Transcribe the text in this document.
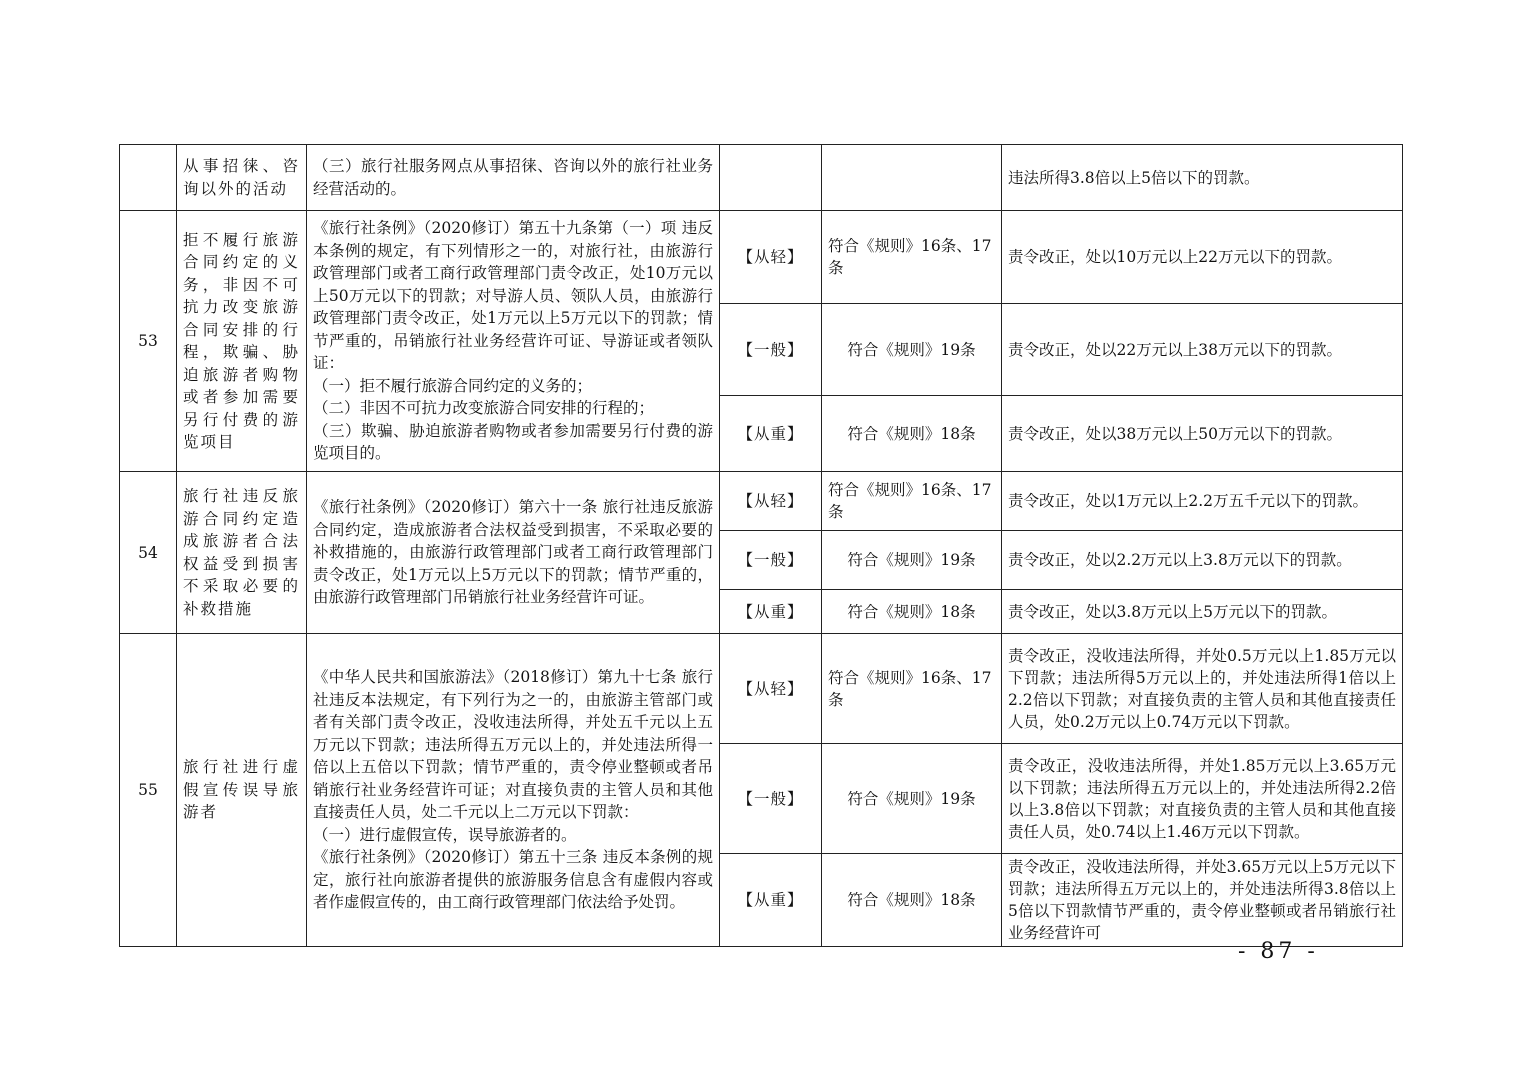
	从事招徕、咨询以外的活动	（三）旅行社服务网点从事招徕、咨询以外的旅行社业务经营活动的。			违法所得3.8倍以上5倍以下的罚款。
53	拒不履行旅游合同约定的义务，非因不可抗力改变旅游合同安排的行程，欺骗、胁迫旅游者购物或者参加需要另行付费的游览项目	《旅行社条例》（2020修订）第五十九条第（一）项 违反本条例的规定，有下列情形之一的，对旅行社，由旅游行政管理部门或者工商行政管理部门责令改正，处10万元以上50万元以下的罚款；对导游人员、领队人员，由旅游行政管理部门责令改正，处1万元以上5万元以下的罚款；情节严重的，吊销旅行社业务经营许可证、导游证或者领队证：
（一）拒不履行旅游合同约定的义务的；
（二）非因不可抗力改变旅游合同安排的行程的；
（三）欺骗、胁迫旅游者购物或者参加需要另行付费的游览项目的。	【从轻】	符合《规则》16条、17条	责令改正，处以10万元以上22万元以下的罚款。
			【一般】	符合《规则》19条	责令改正，处以22万元以上38万元以下的罚款。
			【从重】	符合《规则》18条	责令改正，处以38万元以上50万元以下的罚款。
54	旅行社违反旅游合同约定造成旅游者合法权益受到损害不采取必要的补救措施	《旅行社条例》（2020修订）第六十一条 旅行社违反旅游合同约定，造成旅游者合法权益受到损害，不采取必要的补救措施的，由旅游行政管理部门或者工商行政管理部门责令改正，处1万元以上5万元以下的罚款；情节严重的，由旅游行政管理部门吊销旅行社业务经营许可证。	【从轻】	符合《规则》16条、17条	责令改正，处以1万元以上2.2万五千元以下的罚款。
			【一般】	符合《规则》19条	责令改正，处以2.2万元以上3.8万元以下的罚款。
			【从重】	符合《规则》18条	责令改正，处以3.8万元以上5万元以下的罚款。
55	旅行社进行虚假宣传误导旅游者	《中华人民共和国旅游法》（2018修订）第九十七条 旅行社违反本法规定，有下列行为之一的，由旅游主管部门或者有关部门责令改正，没收违法所得，并处五千元以上五万元以下罚款；违法所得五万元以上的，并处违法所得一倍以上五倍以下罚款；情节严重的，责令停业整顿或者吊销旅行社业务经营许可证；对直接负责的主管人员和其他直接责任人员，处二千元以上二万元以下罚款：
（一）进行虚假宣传，误导旅游者的。
《旅行社条例》（2020修订）第五十三条 违反本条例的规定，旅行社向旅游者提供的旅游服务信息含有虚假内容或者作虚假宣传的，由工商行政管理部门依法给予处罚。	【从轻】	符合《规则》16条、17条	责令改正，没收违法所得，并处0.5万元以上1.85万元以下罚款；违法所得5万元以上的，并处违法所得1倍以上2.2倍以下罚款；对直接负责的主管人员和其他直接责任人员，处0.2万元以上0.74万元以下罚款。
			【一般】	符合《规则》19条	责令改正，没收违法所得，并处1.85万元以上3.65万元以下罚款；违法所得五万元以上的，并处违法所得2.2倍以上3.8倍以下罚款；对直接负责的主管人员和其他直接责任人员，处0.74以上1.46万元以下罚款。
			【从重】	符合《规则》18条	责令改正，没收违法所得，并处3.65万元以上5万元以下罚款；违法所得五万元以上的，并处违法所得3.8倍以上5倍以下罚款情节严重的，责令停业整顿或者吊销旅行社业务经营许可
- 87 -
